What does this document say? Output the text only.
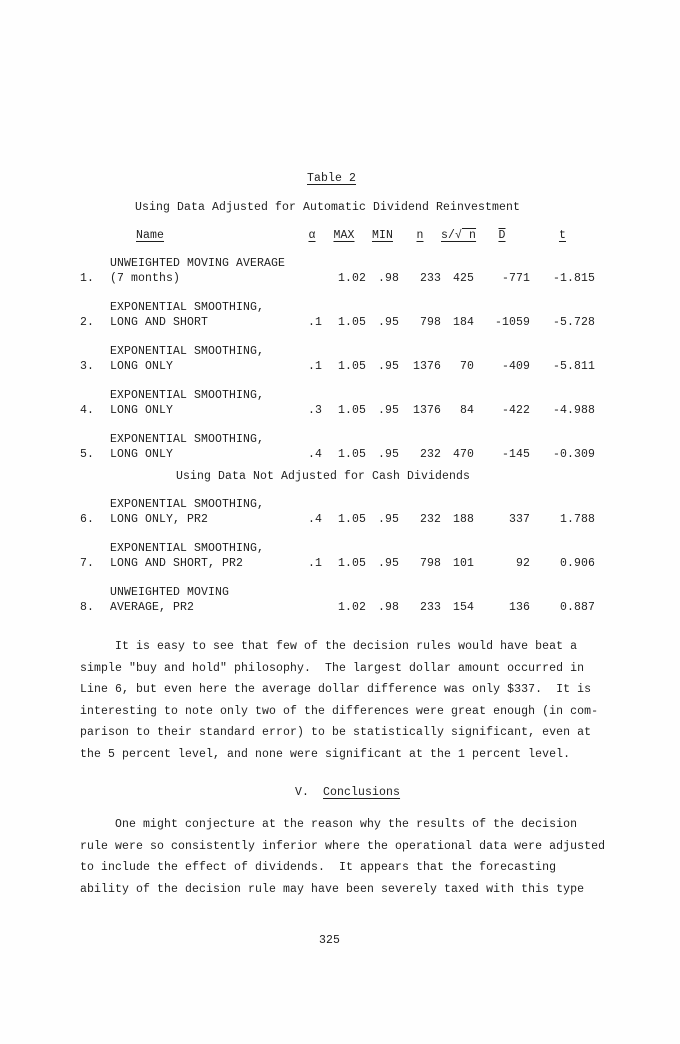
Table 2
Using Data Adjusted for Automatic Dividend Reinvestment
	Name	α	MAX	MIN	n	s/√ n	D	t
1.	UNWEIGHTED MOVING AVERAGE
(7 months)		1.02	.98	233	425	-771	-1.815
2.	EXPONENTIAL SMOOTHING,
LONG AND SHORT	.1	1.05	.95	798	184	-1059	-5.728
3.	EXPONENTIAL SMOOTHING,
LONG ONLY	.1	1.05	.95	1376	70	-409	-5.811
4.	EXPONENTIAL SMOOTHING,
LONG ONLY	.3	1.05	.95	1376	84	-422	-4.988
5.	EXPONENTIAL SMOOTHING,
LONG ONLY	.4	1.05	.95	232	470	-145	-0.309
Using Data Not Adjusted for Cash Dividends
6.	EXPONENTIAL SMOOTHING,
LONG ONLY, PR2	.4	1.05	.95	232	188	337	1.788
7.	EXPONENTIAL SMOOTHING,
LONG AND SHORT, PR2	.1	1.05	.95	798	101	92	0.906
8.	UNWEIGHTED MOVING
AVERAGE, PR2		1.02	.98	233	154	136	0.887
It is easy to see that few of the decision rules would have beat a
simple "buy and hold" philosophy.  The largest dollar amount occurred in
Line 6, but even here the average dollar difference was only $337.  It is
interesting to note only two of the differences were great enough (in com-
parison to their standard error) to be statistically significant, even at
the 5 percent level, and none were significant at the 1 percent level.
V. Conclusions
One might conjecture at the reason why the results of the decision
rule were so consistently inferior where the operational data were adjusted
to include the effect of dividends.  It appears that the forecasting
ability of the decision rule may have been severely taxed with this type
325
